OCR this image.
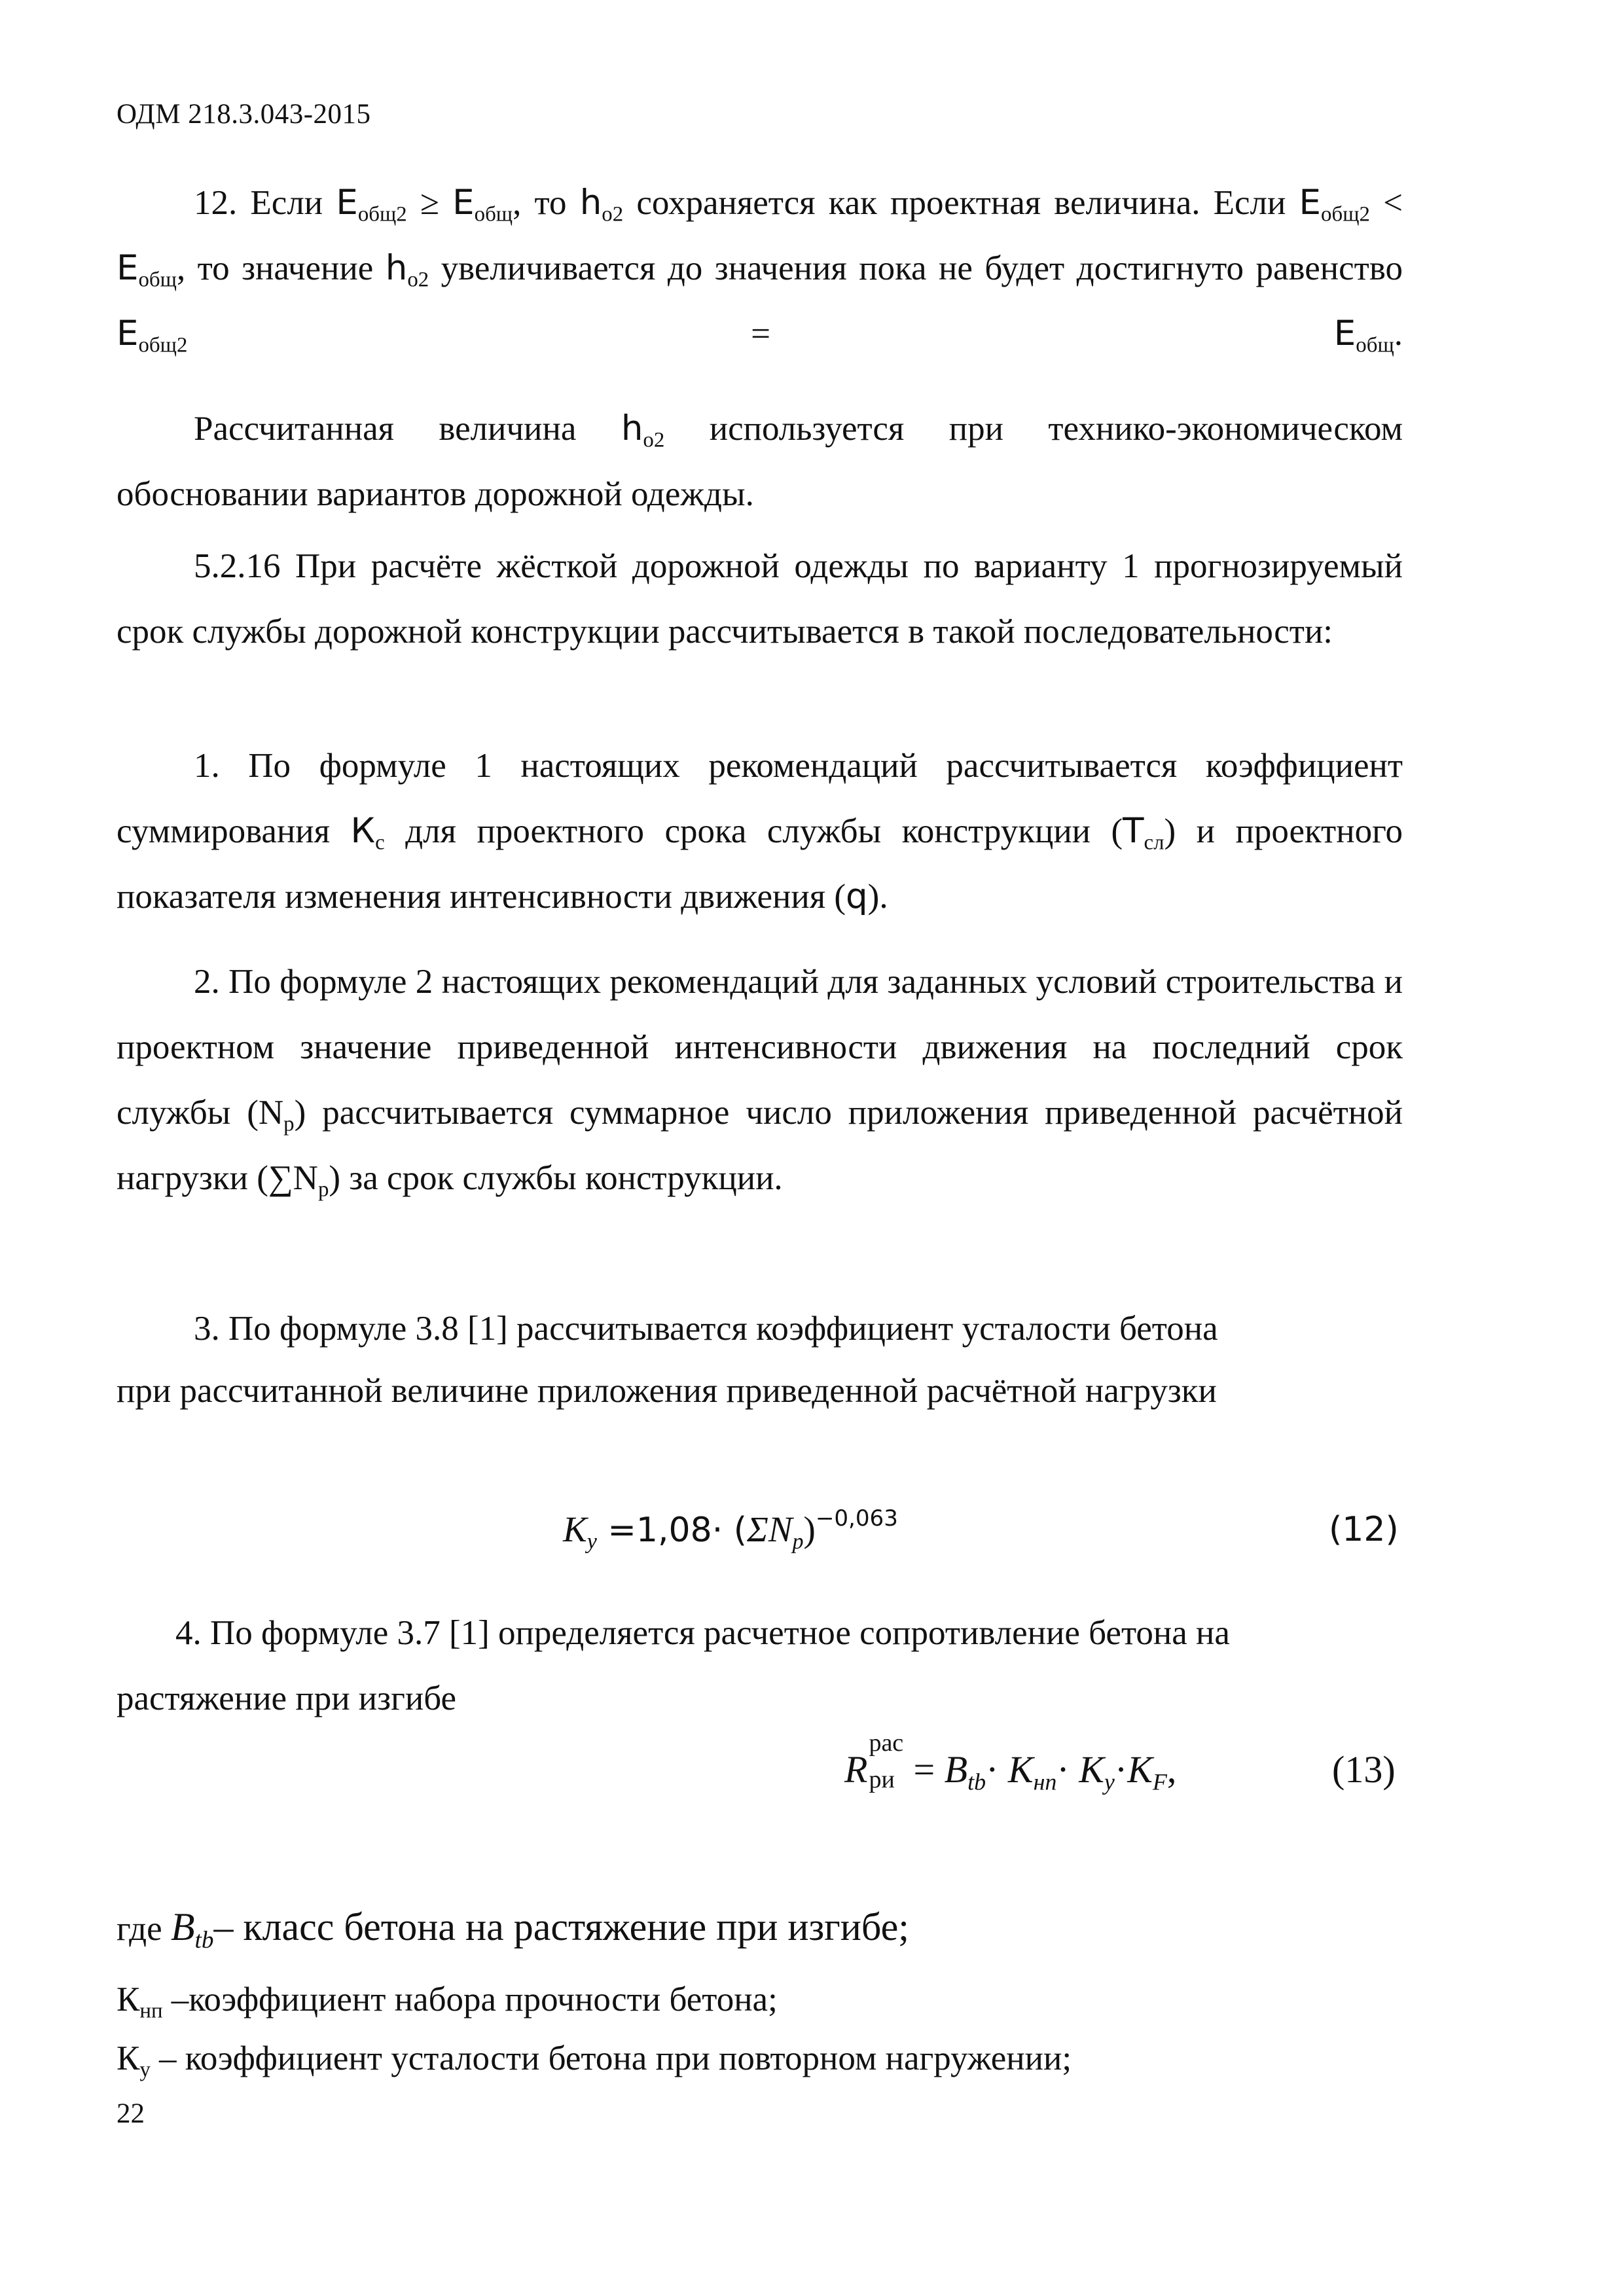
ОДМ 218.3.043-2015

12. Если $E_{общ2} \ge E_{общ}$, то $h_{о2}$ сохраняется как проектная величина. Если $E_{общ2} < E_{общ}$, то значение $h_{о2}$ увеличивается до значения пока не будет достигнуто равенство $E_{общ2} = E_{общ}$.

Рассчитанная величина $h_{о2}$ используется при технико-экономическом обосновании вариантов дорожной одежды.

5.2.16 При расчёте жёсткой дорожной одежды по варианту 1 прогнозируемый срок службы дорожной конструкции рассчитывается в такой последовательности:

1. По формуле 1 настоящих рекомендаций рассчитывается коэффициент суммирования $К_с$ для проектного срока службы конструкции $(Т_{сл})$ и проектного показателя изменения интенсивности движения (q).

2. По формуле 2 настоящих рекомендаций для заданных условий строительства и проектном значение приведенной интенсивности движения на последний срок службы $(N_р)$ рассчитывается суммарное число приложения приведенной расчётной нагрузки $(\sum N_р)$ за срок службы конструкции.

3. По формуле 3.8 [1] рассчитывается коэффициент усталости бетона
при рассчитанной величине приложения приведенной расчётной нагрузки
$K_y =1,08\cdot (\Sigma N_p)^{-0,063}$	(12)
4. По формуле 3.7 [1] определяется расчетное сопротивление бетона на
растяжение при изгибе
R
рас
ри = $B_{tb}\cdot K_{нп}\cdot K_у\cdot K_F$,	(13)
где $B_{tb}-$ класс бетона на растяжение при изгибе;
$К_{нп}$ –коэффициент набора прочности бетона;
$К_у$ – коэффициент усталости бетона при повторном нагружении;
22
